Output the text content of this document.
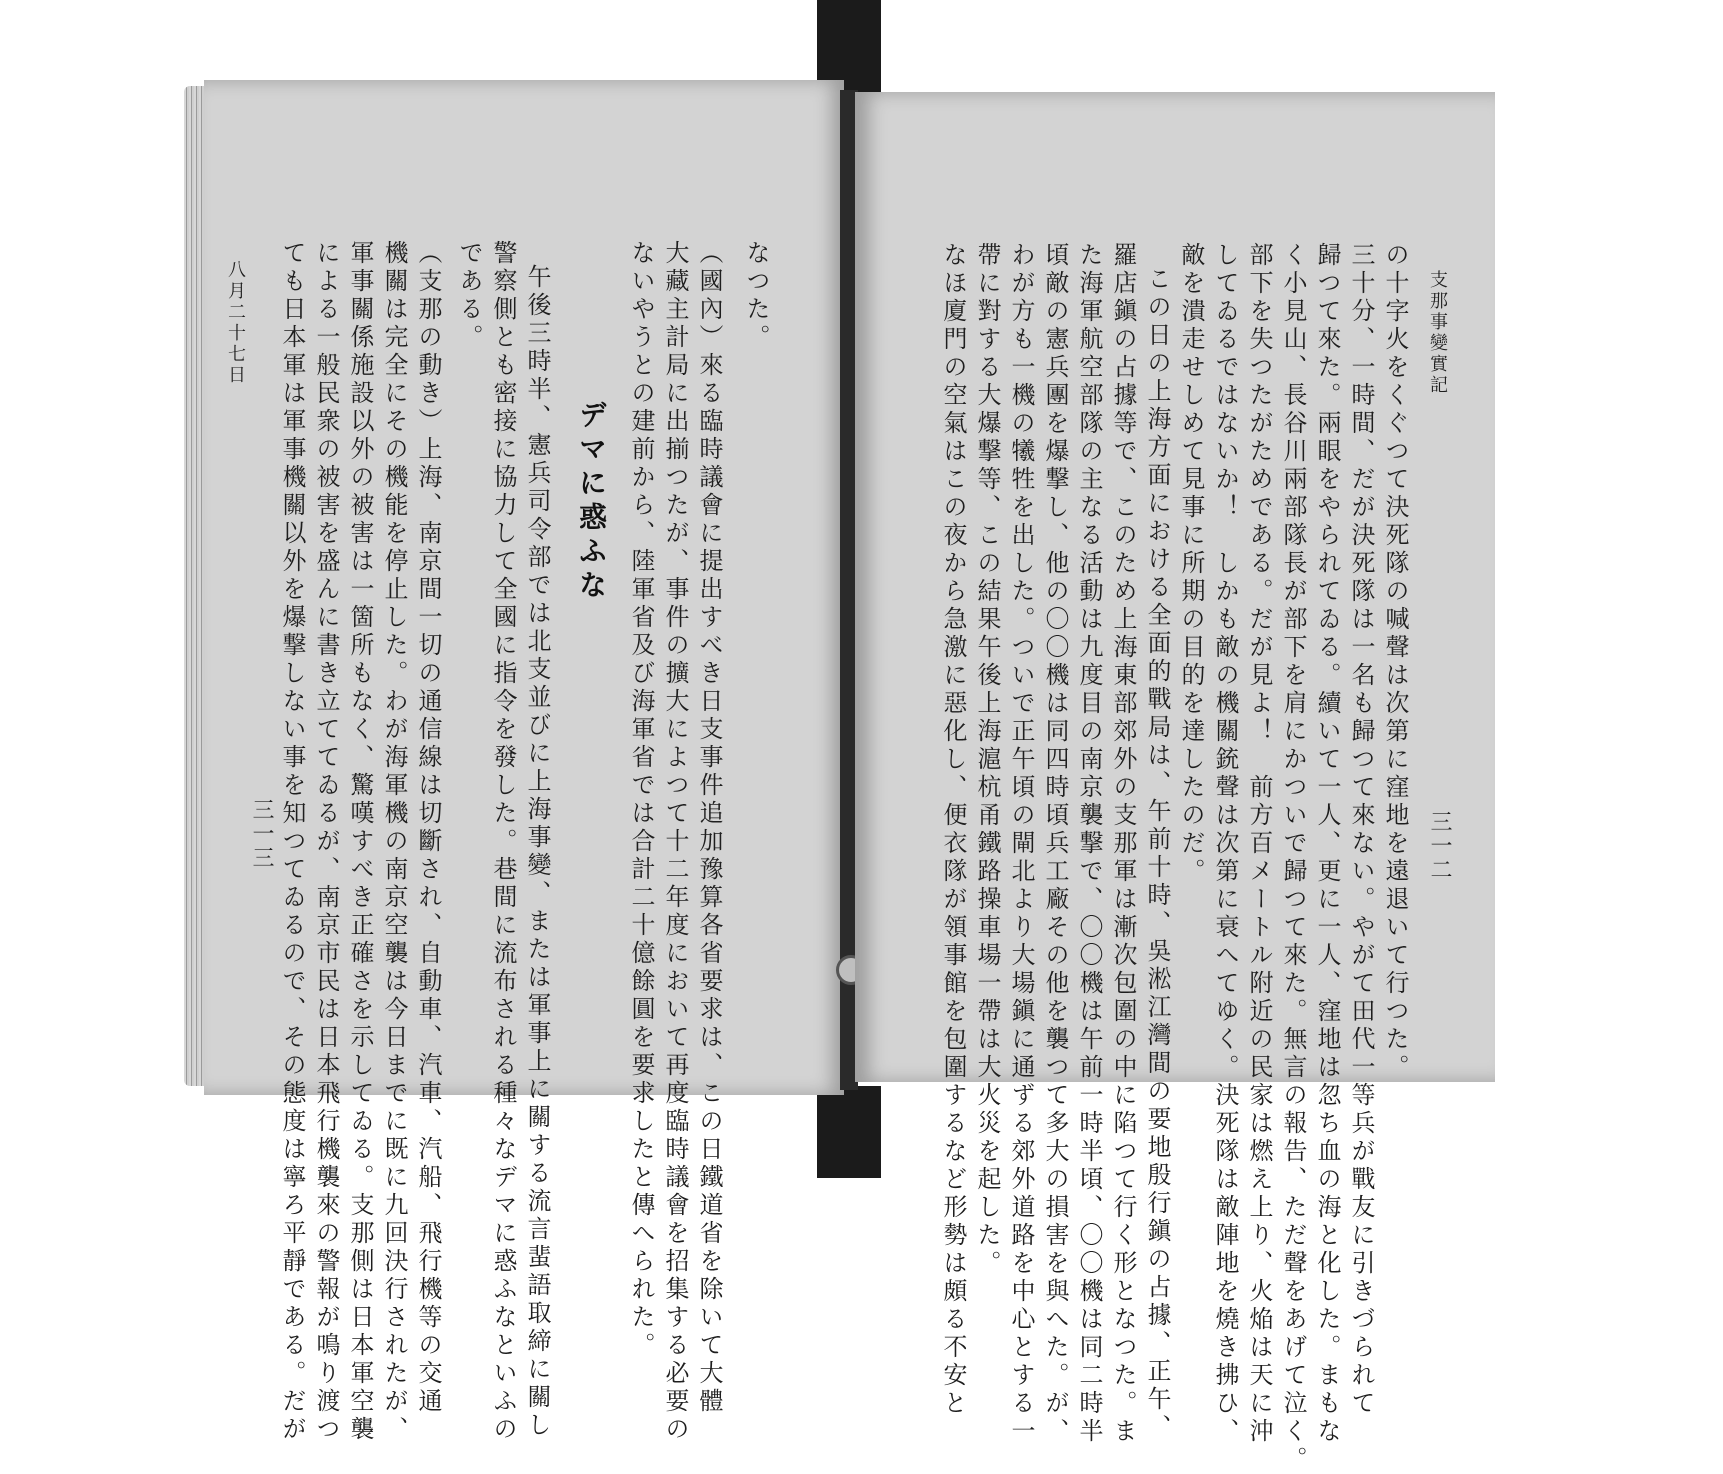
三一三
なつた。
（國內）來る臨時議會に提出すべき日支事件追加豫算各省要求は、この日鐵道省を除いて大體
大藏主計局に出揃つたが、事件の擴大によつて十二年度において再度臨時議會を招集する必要の
ないやうとの建前から、陸軍省及び海軍省では合計二十億餘圓を要求したと傳へられた。
デマに惑ふな
午後三時半、憲兵司令部では北支並びに上海事變、または軍事上に關する流言蜚語取締に關し
警察側とも密接に協力して全國に指令を發した。巷間に流布される種々なデマに惑ふなといふの
である。
（支那の動き）上海、南京間一切の通信線は切斷され、自動車、汽車、汽船、飛行機等の交通
機關は完全にその機能を停止した。わが海軍機の南京空襲は今日までに既に九回決行されたが、
軍事關係施設以外の被害は一箇所もなく、驚嘆すべき正確さを示してゐる。支那側は日本軍空襲
による一般民衆の被害を盛んに書き立ててゐるが、南京市民は日本飛行機襲來の警報が鳴り渡つ
ても日本軍は軍事機關以外を爆撃しない事を知つてゐるので、その態度は寧ろ平靜である。だが
八月二十七日	支那事變實記
三一二
の十字火をくぐつて決死隊の喊聲は次第に窪地を遠退いて行つた。
三十分、一時間、だが決死隊は一名も歸つて來ない。やがて田代一等兵が戰友に引きづられて
歸つて來た。兩眼をやられてゐる。續いて一人、更に一人、窪地は忽ち血の海と化した。まもな
く小見山、長谷川兩部隊長が部下を肩にかついで歸つて來た。無言の報告、ただ聲をあげて泣く。
部下を失つたがためである。だが見よ！　前方百メートル附近の民家は燃え上り、火焔は天に沖
してゐるではないか！　しかも敵の機關銃聲は次第に衰へてゆく。決死隊は敵陣地を燒き拂ひ、
敵を潰走せしめて見事に所期の目的を達したのだ。
この日の上海方面における全面的戰局は、午前十時、吳淞江灣間の要地殷行鎭の占據、正午、
羅店鎭の占據等で、このため上海東部郊外の支那軍は漸次包圍の中に陷つて行く形となつた。ま
た海軍航空部隊の主なる活動は九度目の南京襲撃で、〇〇機は午前一時半頃、〇〇機は同二時半
頃敵の憲兵團を爆撃し、他の〇〇機は同四時頃兵工廠その他を襲つて多大の損害を與へた。が、
わが方も一機の犧牲を出した。ついで正午頃の閘北より大場鎭に通ずる郊外道路を中心とする一
帶に對する大爆撃等、この結果午後上海滬杭甬鐵路操車場一帶は大火災を起した。
なほ廈門の空氣はこの夜から急激に惡化し、便衣隊が領事館を包圍するなど形勢は頗る不安と
